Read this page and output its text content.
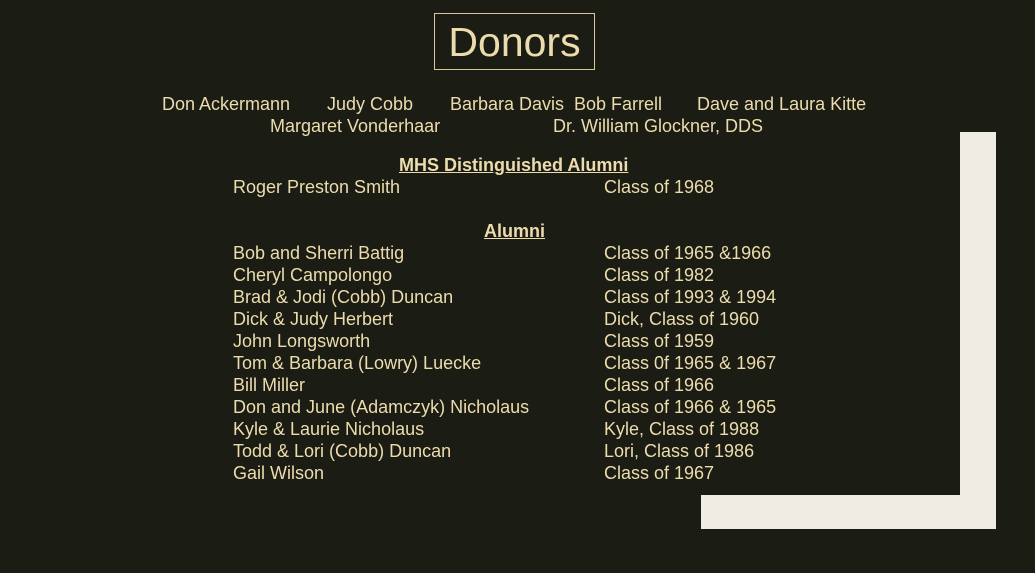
Donors
Don Ackermann Judy Cobb Barbara Davis Bob Farrell Dave and Laura Kitte
Margaret Vonderhaar	Dr. William Glockner, DDS
MHS Distinguished Alumni
Roger Preston Smith	Class of 1968
Alumni
Bob and Sherri Battig	Class of 1965 &1966
Cheryl Campolongo	Class of 1982
Brad & Jodi (Cobb) Duncan	Class of 1993 & 1994
Dick & Judy Herbert	Dick, Class of 1960
John Longsworth	Class of 1959
Tom & Barbara (Lowry) Luecke	Class 0f 1965 & 1967
Bill Miller	Class of 1966
Don and June (Adamczyk) Nicholaus	Class of 1966 & 1965
Kyle & Laurie Nicholaus	Kyle, Class of 1988
Todd & Lori (Cobb) Duncan	Lori, Class of 1986
Gail Wilson	Class of 1967
